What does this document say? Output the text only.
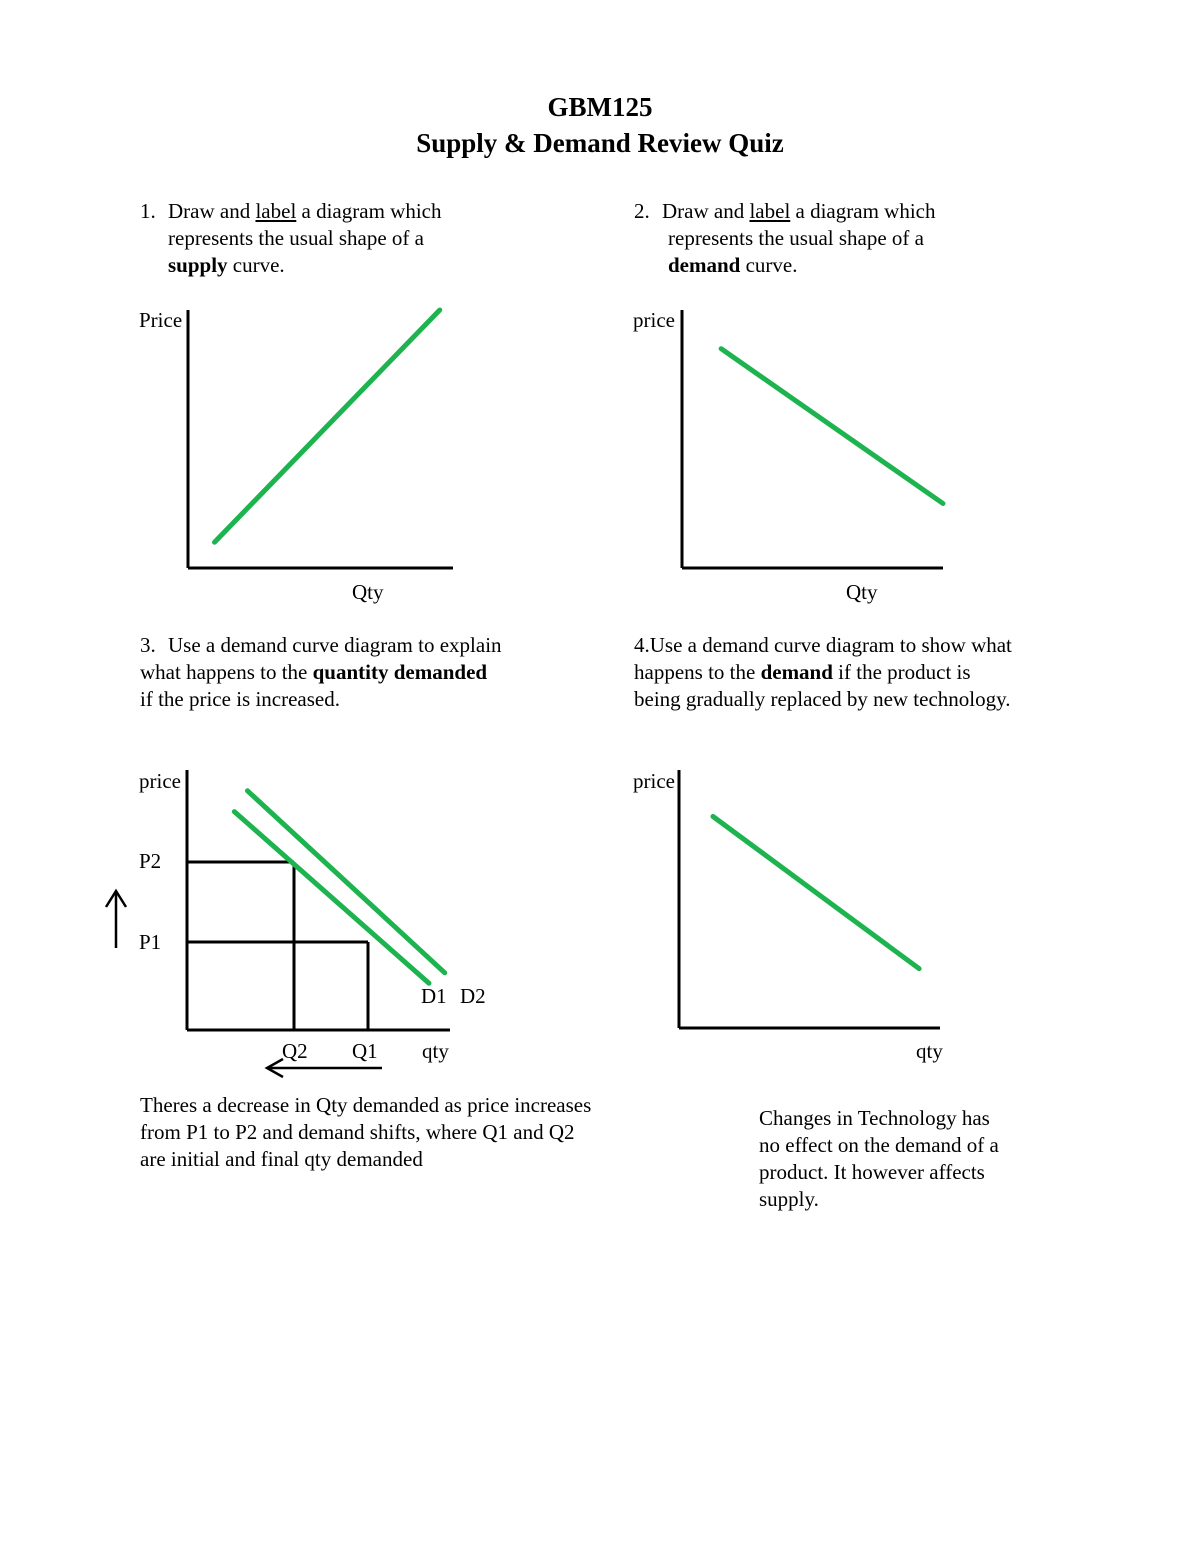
GBM125
Supply & Demand Review Quiz
1. Draw and label a diagram which
represents the usual shape of a
supply curve.
2. Draw and label a diagram which
represents the usual shape of a
demand curve.
3. Use a demand curve diagram to explain
what happens to the quantity demanded
if the price is increased.
4.Use a demand curve diagram to show what
happens to the demand if the product is
being gradually replaced by new technology.
Price
Qty
price
Qty
price
qty
P2
P1
Q2 Q1
D1 D2
price
qty
Theres a decrease in Qty demanded as price increases
from P1 to P2 and demand shifts, where Q1 and Q2
are initial and final qty demanded
Changes in Technology has
no effect on the demand of a
product. It however affects
supply.
